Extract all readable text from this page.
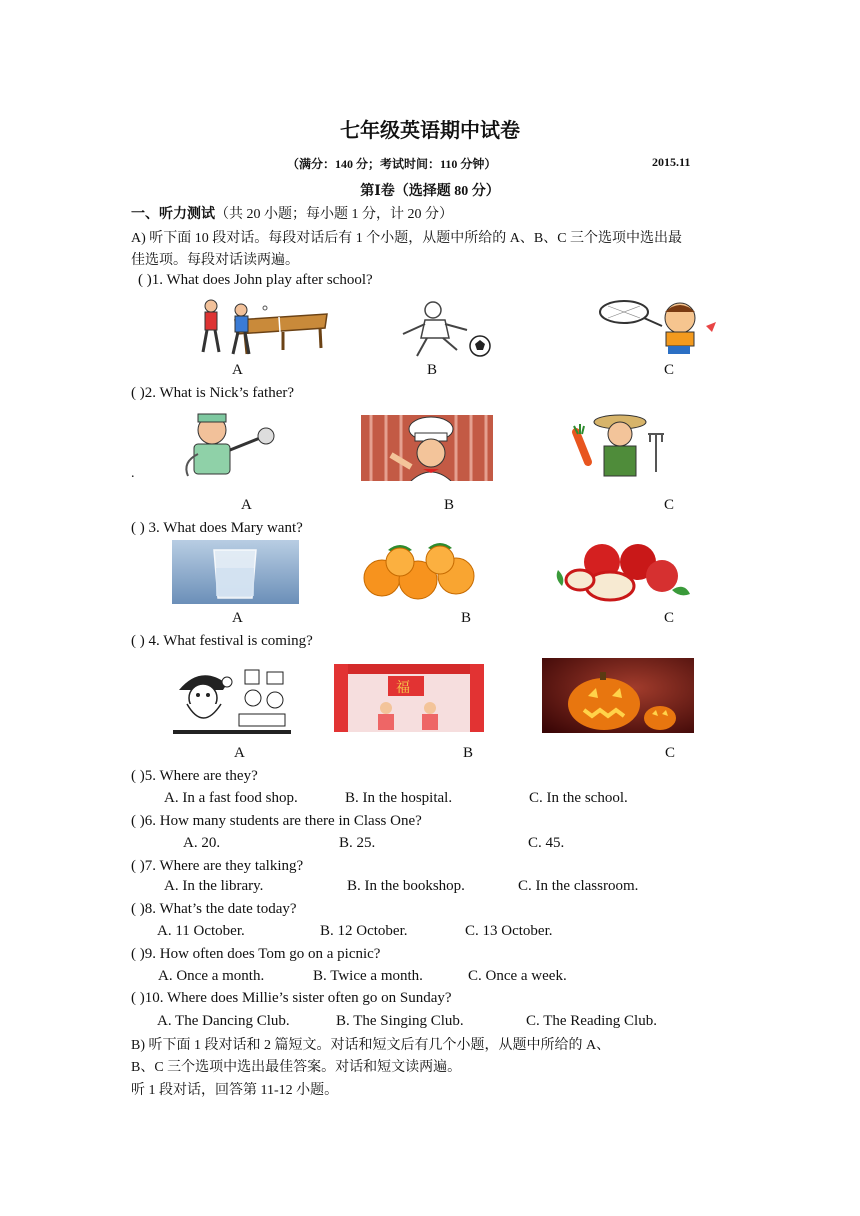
七年级英语期中试卷
（满分：140 分；考试时间：110 分钟）	2015.11
第Ⅰ卷（选择题 80 分）
一、听力测试（共 20 小题；每小题 1 分，计 20 分）
A) 听下面 10 段对话。每段对话后有 1 个小题，从题中所给的 A、B、C 三个选项中选出最
佳选项。每段对话读两遍。
( )1. What does John play after school?
A	B	C
( )2. What is Nick’s father?
.
A	B	C
( ) 3. What does Mary want?
A	B	C
( ) 4. What festival is coming?
福
A	B	C
( )5. Where are they?
A. In a fast food shop.	B. In the hospital.	C. In the school.
( )6. How many students are there in Class One?
A. 20.	B. 25.	C. 45.
( )7. Where are they talking?
A. In the library.	B. In the bookshop.	C. In the classroom.
( )8. What’s the date today?
A. 11 October.	B. 12 October.	C. 13 October.
( )9. How often does Tom go on a picnic?
A. Once a month.	B. Twice a month.	C. Once a week.
( )10. Where does Millie’s sister often go on Sunday?
A. The Dancing Club.	B. The Singing Club.	C. The Reading Club.
B) 听下面 1 段对话和 2 篇短文。对话和短文后有几个小题，从题中所给的 A、
B、C 三个选项中选出最佳答案。对话和短文读两遍。
听 1 段对话，回答第 11-12 小题。
